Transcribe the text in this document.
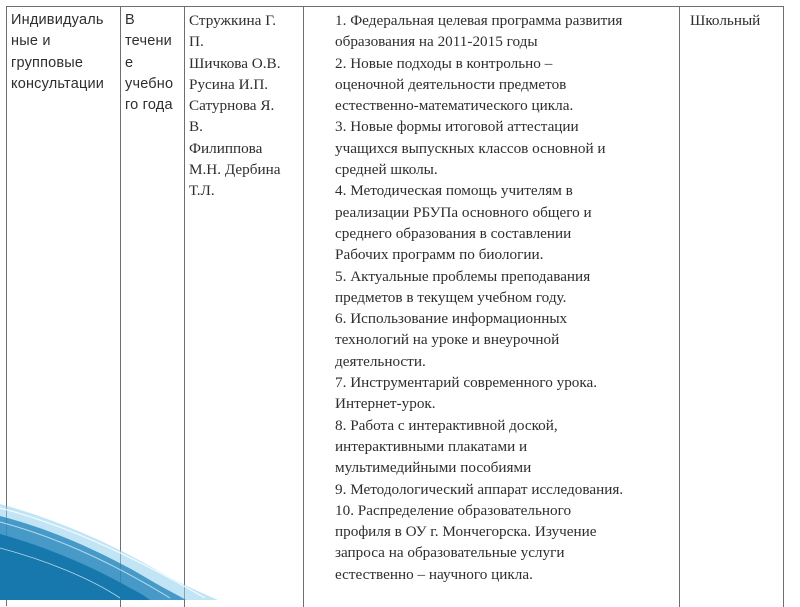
Индивидуаль
ные и
групповые
консультации
В
течени
е
учебно
го года
Стружкина Г.
П.
Шичкова О.В.
Русина И.П.
Сатурнова Я.
В.
Филиппова
М.Н. Дербина
Т.Л.
1. Федеральная целевая программа развития
образования на 2011-2015 годы
2. Новые подходы в контрольно –
оценочной деятельности предметов
естественно-математического цикла.
3. Новые формы итоговой аттестации
учащихся выпускных классов основной и
средней школы.
4. Методическая помощь учителям в
реализации РБУПа основного общего и
среднего образования в составлении
Рабочих программ по биологии.
5. Актуальные проблемы преподавания
предметов в текущем учебном году.
6. Использование информационных
технологий на уроке и внеурочной
деятельности.
7. Инструментарий современного урока.
Интернет-урок.
8. Работа с интерактивной доской,
интерактивными плакатами и
мультимедийными пособиями
9. Методологический аппарат исследования.
10. Распределение образовательного
профиля в ОУ г. Мончегорска. Изучение
запроса на образовательные услуги
естественно – научного цикла.
Школьный
